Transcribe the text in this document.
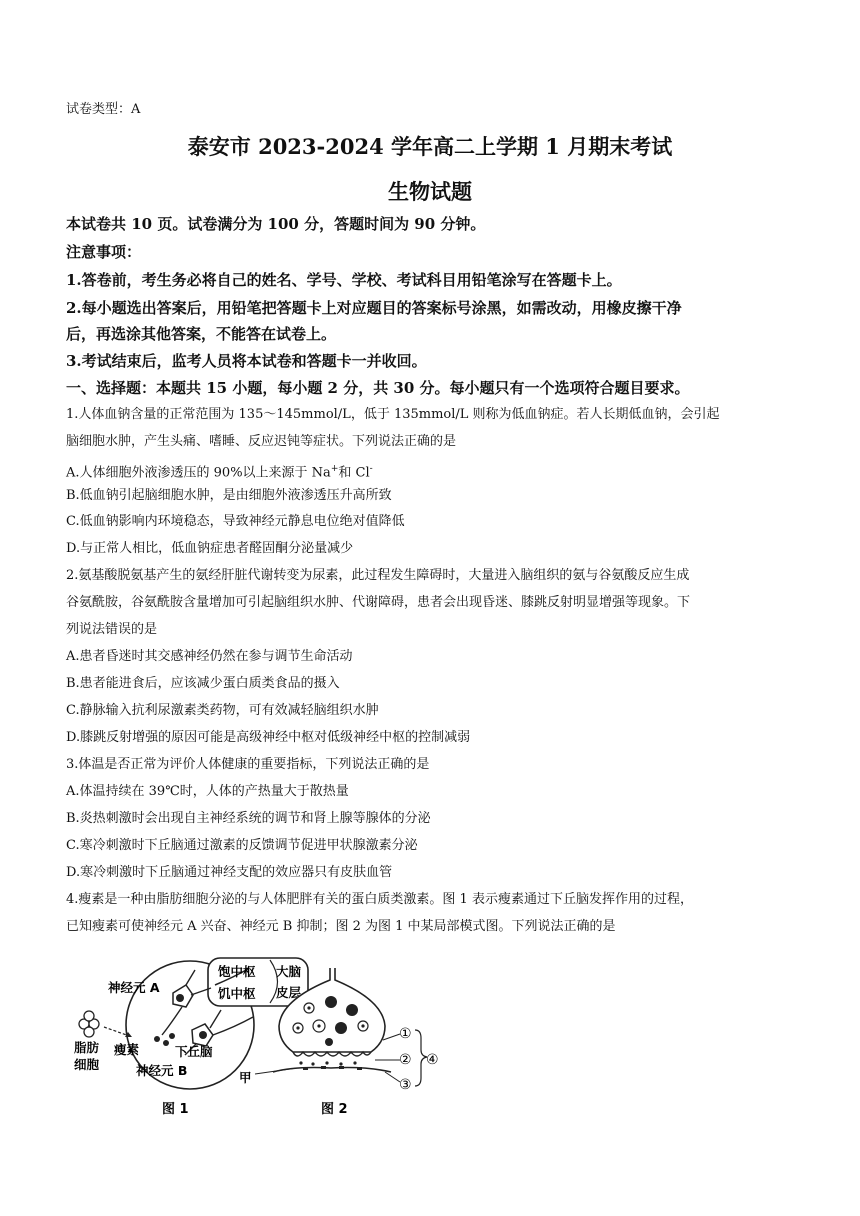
试卷类型：A
泰安市 2023-2024 学年高二上学期 1 月期末考试
生物试题
本试卷共 10 页。试卷满分为 100 分，答题时间为 90 分钟。
注意事项：
1.答卷前，考生务必将自己的姓名、学号、学校、考试科目用铅笔涂写在答题卡上。
2.每小题选出答案后，用铅笔把答题卡上对应题目的答案标号涂黑，如需改动，用橡皮擦干净
后，再选涂其他答案，不能答在试卷上。
3.考试结束后，监考人员将本试卷和答题卡一并收回。
一、选择题：本题共 15 小题，每小题 2 分，共 30 分。每小题只有一个选项符合题目要求。
1.人体血钠含量的正常范围为 135～145mmol/L，低于 135mmol/L 则称为低血钠症。若人长期低血钠，会引起
脑细胞水肿，产生头痛、嗜睡、反应迟钝等症状。下列说法正确的是
A.人体细胞外液渗透压的 90%以上来源于 Na+和 Cl-
B.低血钠引起脑细胞水肿，是由细胞外液渗透压升高所致
C.低血钠影响内环境稳态，导致神经元静息电位绝对值降低
D.与正常人相比，低血钠症患者醛固酮分泌量减少
2.氨基酸脱氨基产生的氨经肝脏代谢转变为尿素，此过程发生障碍时，大量进入脑组织的氨与谷氨酸反应生成
谷氨酰胺，谷氨酰胺含量增加可引起脑组织水肿、代谢障碍，患者会出现昏迷、膝跳反射明显增强等现象。下
列说法错误的是
A.患者昏迷时其交感神经仍然在参与调节生命活动
B.患者能进食后，应该减少蛋白质类食品的摄入
C.静脉输入抗利尿激素类药物，可有效减轻脑组织水肿
D.膝跳反射增强的原因可能是高级神经中枢对低级神经中枢的控制减弱
3.体温是否正常为评价人体健康的重要指标，下列说法正确的是
A.体温持续在 39℃时，人体的产热量大于散热量
B.炎热刺激时会出现自主神经系统的调节和肾上腺等腺体的分泌
C.寒冷刺激时下丘脑通过激素的反馈调节促进甲状腺激素分泌
D.寒冷刺激时下丘脑通过神经支配的效应器只有皮肤血管
4.瘦素是一种由脂肪细胞分泌的与人体肥胖有关的蛋白质类激素。图 1 表示瘦素通过下丘脑发挥作用的过程，
已知瘦素可使神经元 A 兴奋、神经元 B 抑制；图 2 为图 1 中某局部模式图。下列说法正确的是
神经元 A
饱中枢
饥中枢
大脑
皮层
瘦素
脂肪
细胞
下丘脑
神经元 B
图 1
①
②
③
④
甲
图 2
